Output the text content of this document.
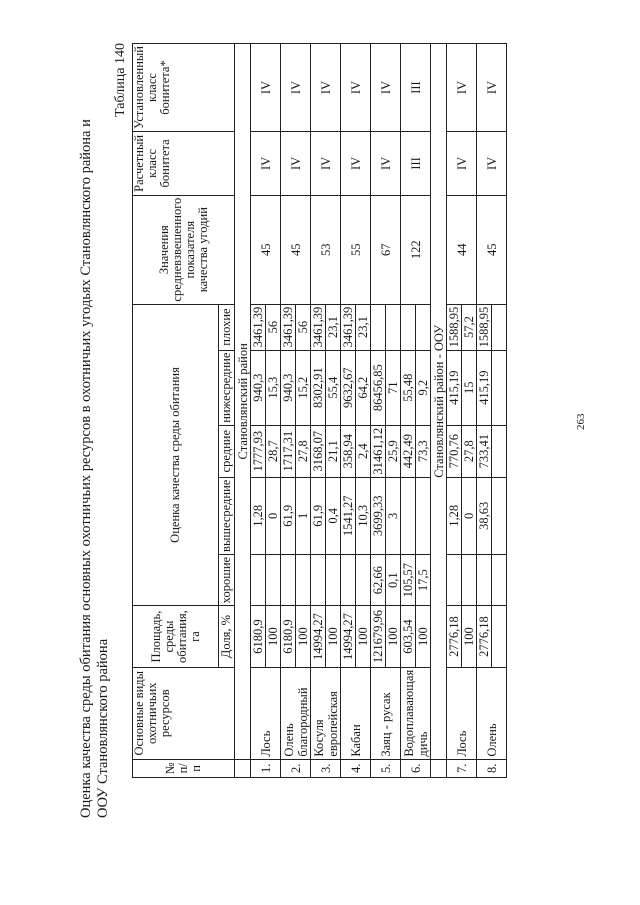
263

Оценка качества среды обитания основных охотничьих ресурсов в охотничьих угодьях Становлянского района и ООУ Становлянского района

Таблица 140
№ п/п	Основные виды охотничьих ресурсов	Площадь, среды обитания, га	Оценка качества среды обитания					Значения средневзвешенного показателя качества угодий	Расчетный класс бонитета	Установленный класс бонитета*
		Доля, %	хорошие	вышесредние	средние	нижесредние	плохие			
	Становлянский район									
1.	Лось	6180,9		1,28	1777,93	940,3	3461,39	45	IV	IV
		100		0	28,7	15,3	56			
2.	Олень благородный	6180,9		61,9	1717,31	940,3	3461,39	45	IV	IV
		100		1	27,8	15,2	56			
3.	Косуля европейская	14994,27		61,9	3168,07	8302,91	3461,39	53	IV	IV
		100		0,4	21,1	55,4	23,1			
4.	Кабан	14994,27		1541,27	358,94	9632,67	3461,39	55	IV	IV
		100		10,3	2,4	64,2	23,1			
5.	Заяц - русак	121679,96	62,66	3699,33	31461,12	86456,85		67	IV	IV
		100	0,1	3	25,9	71				
6.	Водоплавающая дичь	603,54	105,57		442,49	55,48		122	III	III
		100	17,5		73,3	9,2				
	Становлянский район - ООУ									
7.	Лось	2776,18		1,28	770,76	415,19	1588,95	44	IV	IV
		100		0	27,8	15	57,2			
8.	Олень	2776,18		38,63	733,41	415,19	1588,95	45	IV	IV
